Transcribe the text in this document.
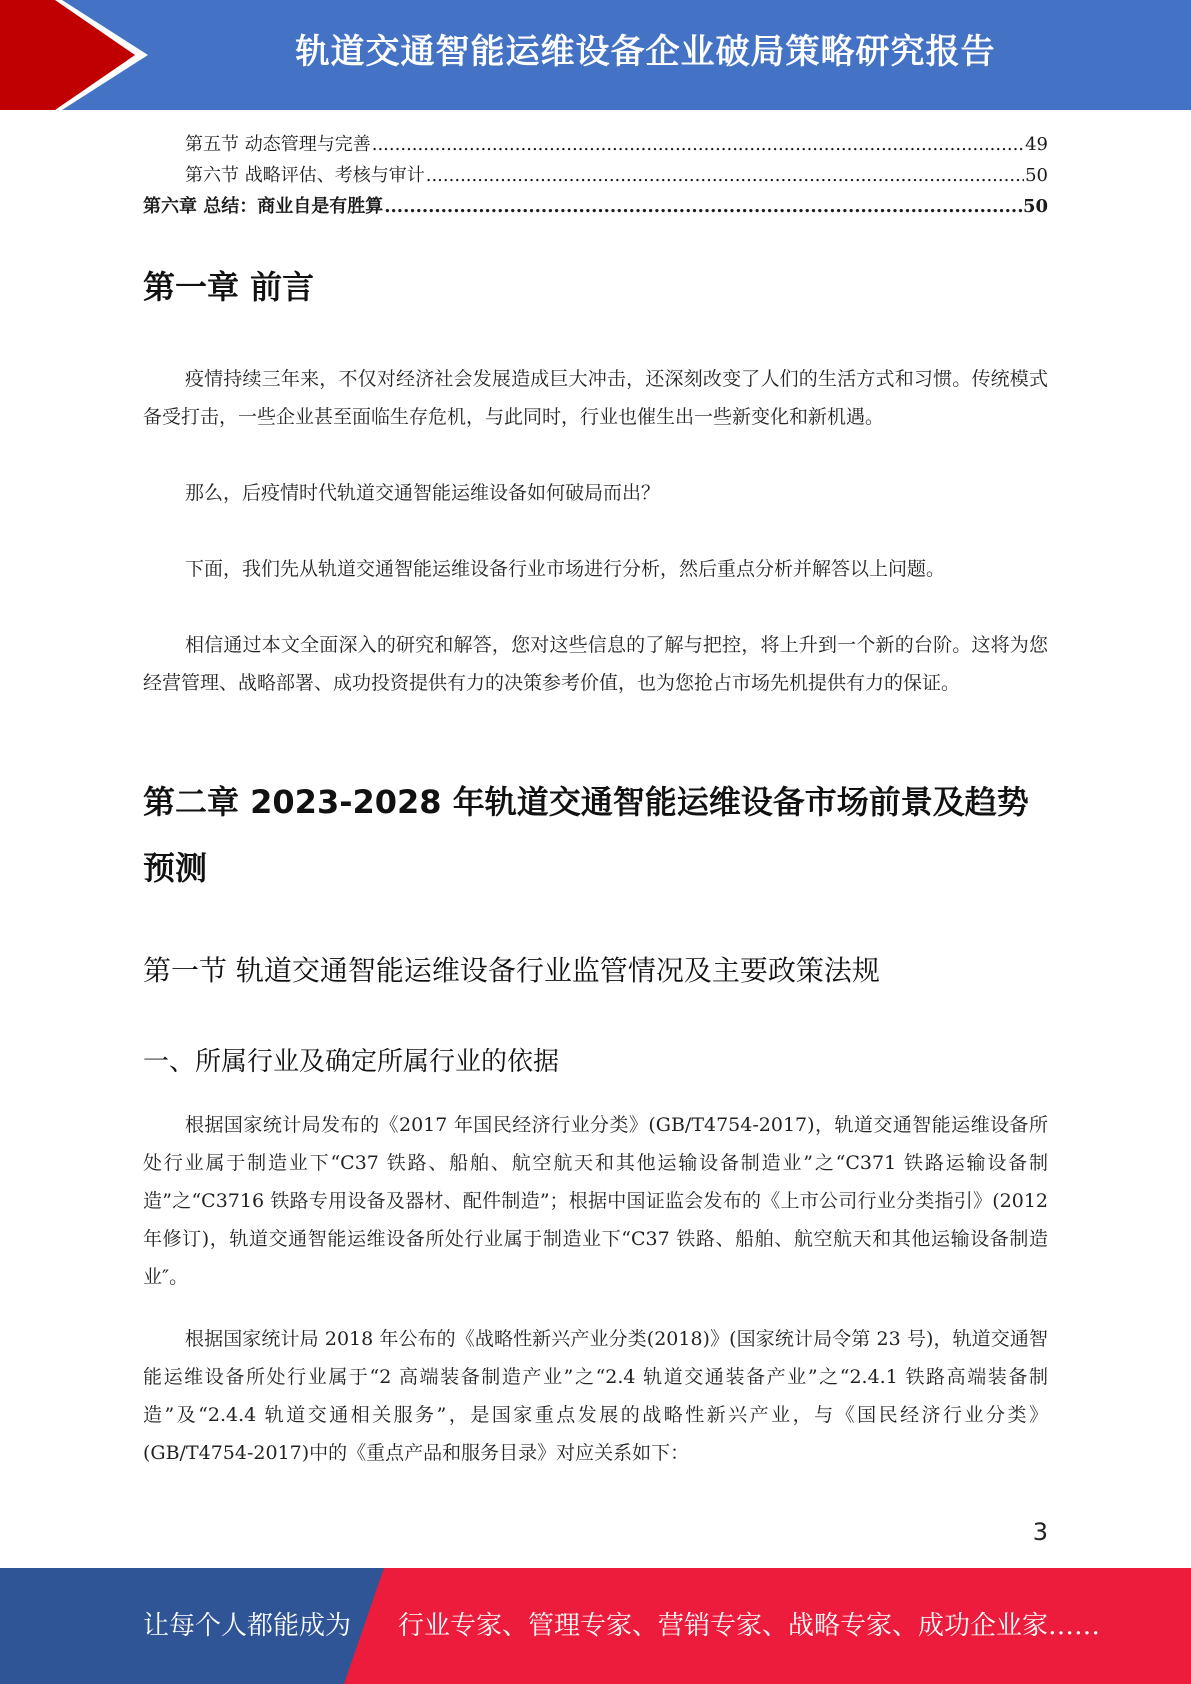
轨道交通智能运维设备企业破局策略研究报告
第五节 动态管理与完善 .....	49
第六节 战略评估、考核与审计 .....	50
第六章 总结：商业自是有胜算 .....	50
第一章 前言
疫情持续三年来，不仅对经济社会发展造成巨大冲击，还深刻改变了人们的生活方式和习惯。传统模式备受打击，一些企业甚至面临生存危机，与此同时，行业也催生出一些新变化和新机遇。
那么，后疫情时代轨道交通智能运维设备如何破局而出？
下面，我们先从轨道交通智能运维设备行业市场进行分析，然后重点分析并解答以上问题。
相信通过本文全面深入的研究和解答，您对这些信息的了解与把控，将上升到一个新的台阶。这将为您经营管理、战略部署、成功投资提供有力的决策参考价值，也为您抢占市场先机提供有力的保证。
第二章 2023-2028 年轨道交通智能运维设备市场前景及趋势预测
第一节 轨道交通智能运维设备行业监管情况及主要政策法规
一、所属行业及确定所属行业的依据
根据国家统计局发布的《2017 年国民经济行业分类》(GB/T4754-2017)，轨道交通智能运维设备所处行业属于制造业下“C37 铁路、船舶、航空航天和其他运输设备制造业”之“C371 铁路运输设备制造”之“C3716 铁路专用设备及器材、配件制造”；根据中国证监会发布的《上市公司行业分类指引》(2012 年修订)，轨道交通智能运维设备所处行业属于制造业下“C37 铁路、船舶、航空航天和其他运输设备制造业″。
根据国家统计局 2018 年公布的《战略性新兴产业分类(2018)》(国家统计局令第 23 号)，轨道交通智能运维设备所处行业属于“2 高端装备制造产业”之“2.4 轨道交通装备产业”之“2.4.1 铁路高端装备制造”及“2.4.4 轨道交通相关服务”，是国家重点发展的战略性新兴产业，与《国民经济行业分类》(GB/T4754-2017)中的《重点产品和服务目录》对应关系如下：
3
让每个人都能成为 行业专家、管理专家、营销专家、战略专家、成功企业家……
